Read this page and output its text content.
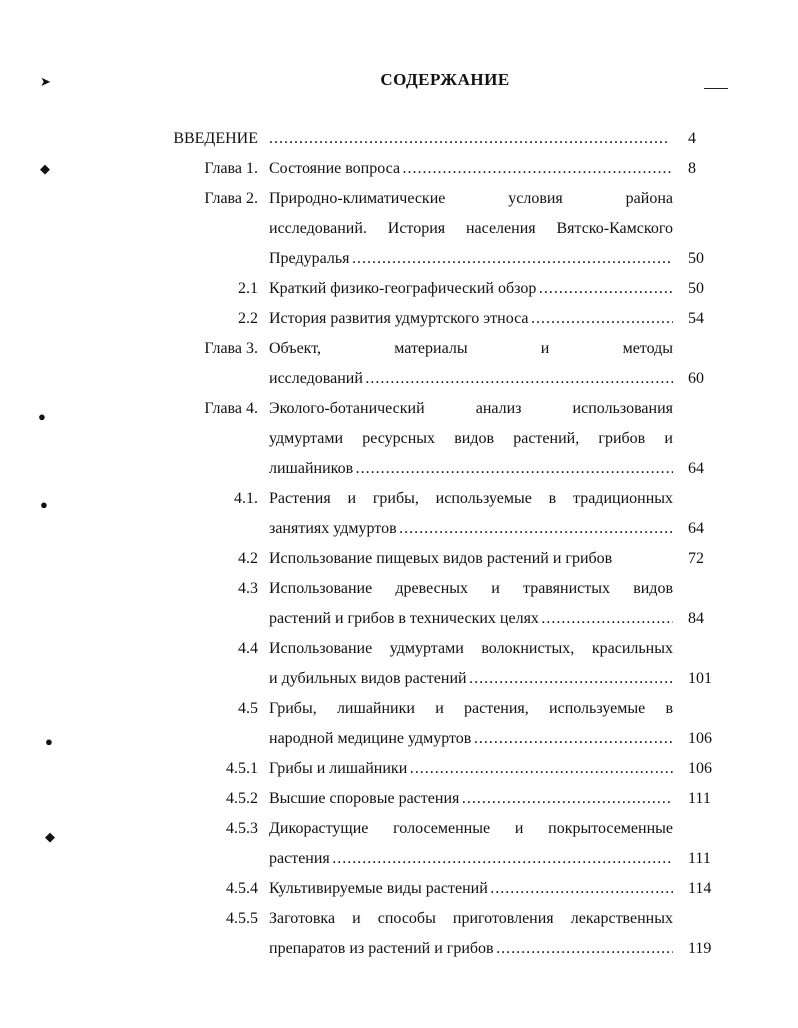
СОДЕРЖАНИЕ
➤
◆
●
●
●
◆
ВВЕДЕНИЕ . . .	4
Глава 1. Состояние вопроса . . .	8
Глава 2. Природно-климатические условия района
исследований. История населения Вятско-Камского
Предуралья . . .	50
2.1 Краткий физико-географический обзор . . .	50
2.2 История развития удмуртского этноса . . .	54
Глава 3. Объект, материалы и методы
исследований . . .	60
Глава 4. Эколого-ботанический анализ использования
удмуртами ресурсных видов растений, грибов и
лишайников . . .	64
4.1. Растения и грибы, используемые в традиционных
занятиях удмуртов . . .	64
4.2 Использование пищевых видов растений и грибов	72
4.3 Использование древесных и травянистых видов
растений и грибов в технических целях . . .	84
4.4 Использование удмуртами волокнистых, красильных
и дубильных видов растений . . .	101
4.5 Грибы, лишайники и растения, используемые в
народной медицине удмуртов . . .	106
4.5.1 Грибы и лишайники . . .	106
4.5.2 Высшие споровые растения . . .	111
4.5.3 Дикорастущие голосеменные и покрытосеменные
растения . . .	111
4.5.4 Культивируемые виды растений . . .	114
4.5.5 Заготовка и способы приготовления лекарственных
препаратов из растений и грибов . . .	119
